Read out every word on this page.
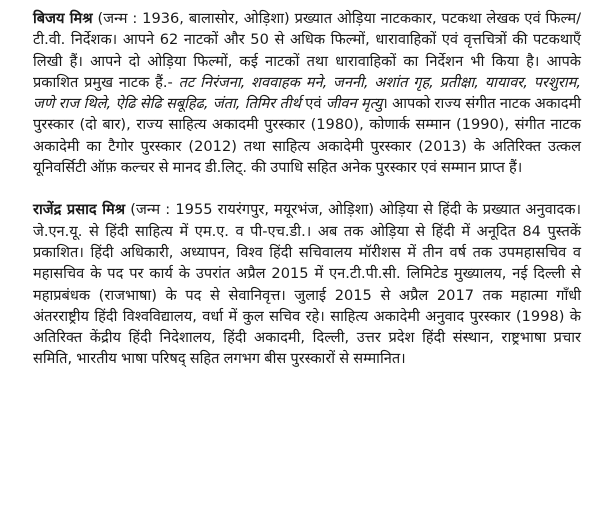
बिजय मिश्र (जन्म : 1936, बालासोर, ओड़िशा) प्रख्यात ओड़िया नाटककार, पटकथा लेखक एवं फिल्म/टी.वी. निर्देशक। आपने 62 नाटकों और 50 से अधिक फिल्मों, धारावाहिकों एवं वृत्तचित्रों की पटकथाएँ लिखी हैं। आपने दो ओड़िया फिल्मों, कई नाटकों तथा धारावाहिकों का निर्देशन भी किया है। आपके प्रकाशित प्रमुख नाटक हैं.- तट निरंजना, शववाहक मने, जननी, अशांत गृह, प्रतीक्षा, यायावर, परशुराम, जणे राज थिले, ऐढि सेढि सबूहिढ, जंता, तिमिर तीर्थ एवं जीवन मृत्यु। आपको राज्य संगीत नाटक अकादमी पुरस्कार (दो बार), राज्य साहित्य अकादमी पुरस्कार (1980), कोणार्क सम्मान (1990), संगीत नाटक अकादेमी का टैगोर पुरस्कार (2012) तथा साहित्य अकादेमी पुरस्कार (2013) के अतिरिक्त उत्कल यूनिवर्सिटी ऑफ़ कल्चर से मानद डी.लिट्. की उपाधि सहित अनेक पुरस्कार एवं सम्मान प्राप्त हैं।

राजेंद्र प्रसाद मिश्र (जन्म : 1955 रायरंगपुर, मयूरभंज, ओड़िशा) ओड़िया से हिंदी के प्रख्यात अनुवादक। जे.एन.यू. से हिंदी साहित्य में एम.ए. व पी-एच.डी.। अब तक ओड़िया से हिंदी में अनूदित 84 पुस्तकें प्रकाशित। हिंदी अधिकारी, अध्यापन, विश्व हिंदी सचिवालय मॉरीशस में तीन वर्ष तक उपमहासचिव व महासचिव के पद पर कार्य के उपरांत अप्रैल 2015 में एन.टी.पी.सी. लिमिटेड मुख्यालय, नई दिल्ली से महाप्रबंधक (राजभाषा) के पद से सेवानिवृत्त। जुलाई 2015 से अप्रैल 2017 तक महात्मा गाँधी अंतरराष्ट्रीय हिंदी विश्वविद्यालय, वर्धा में कुल सचिव रहे। साहित्य अकादेमी अनुवाद पुरस्कार (1998) के अतिरिक्त केंद्रीय हिंदी निदेशालय, हिंदी अकादमी, दिल्ली, उत्तर प्रदेश हिंदी संस्थान, राष्ट्रभाषा प्रचार समिति, भारतीय भाषा परिषद् सहित लगभग बीस पुरस्कारों से सम्मानित।
